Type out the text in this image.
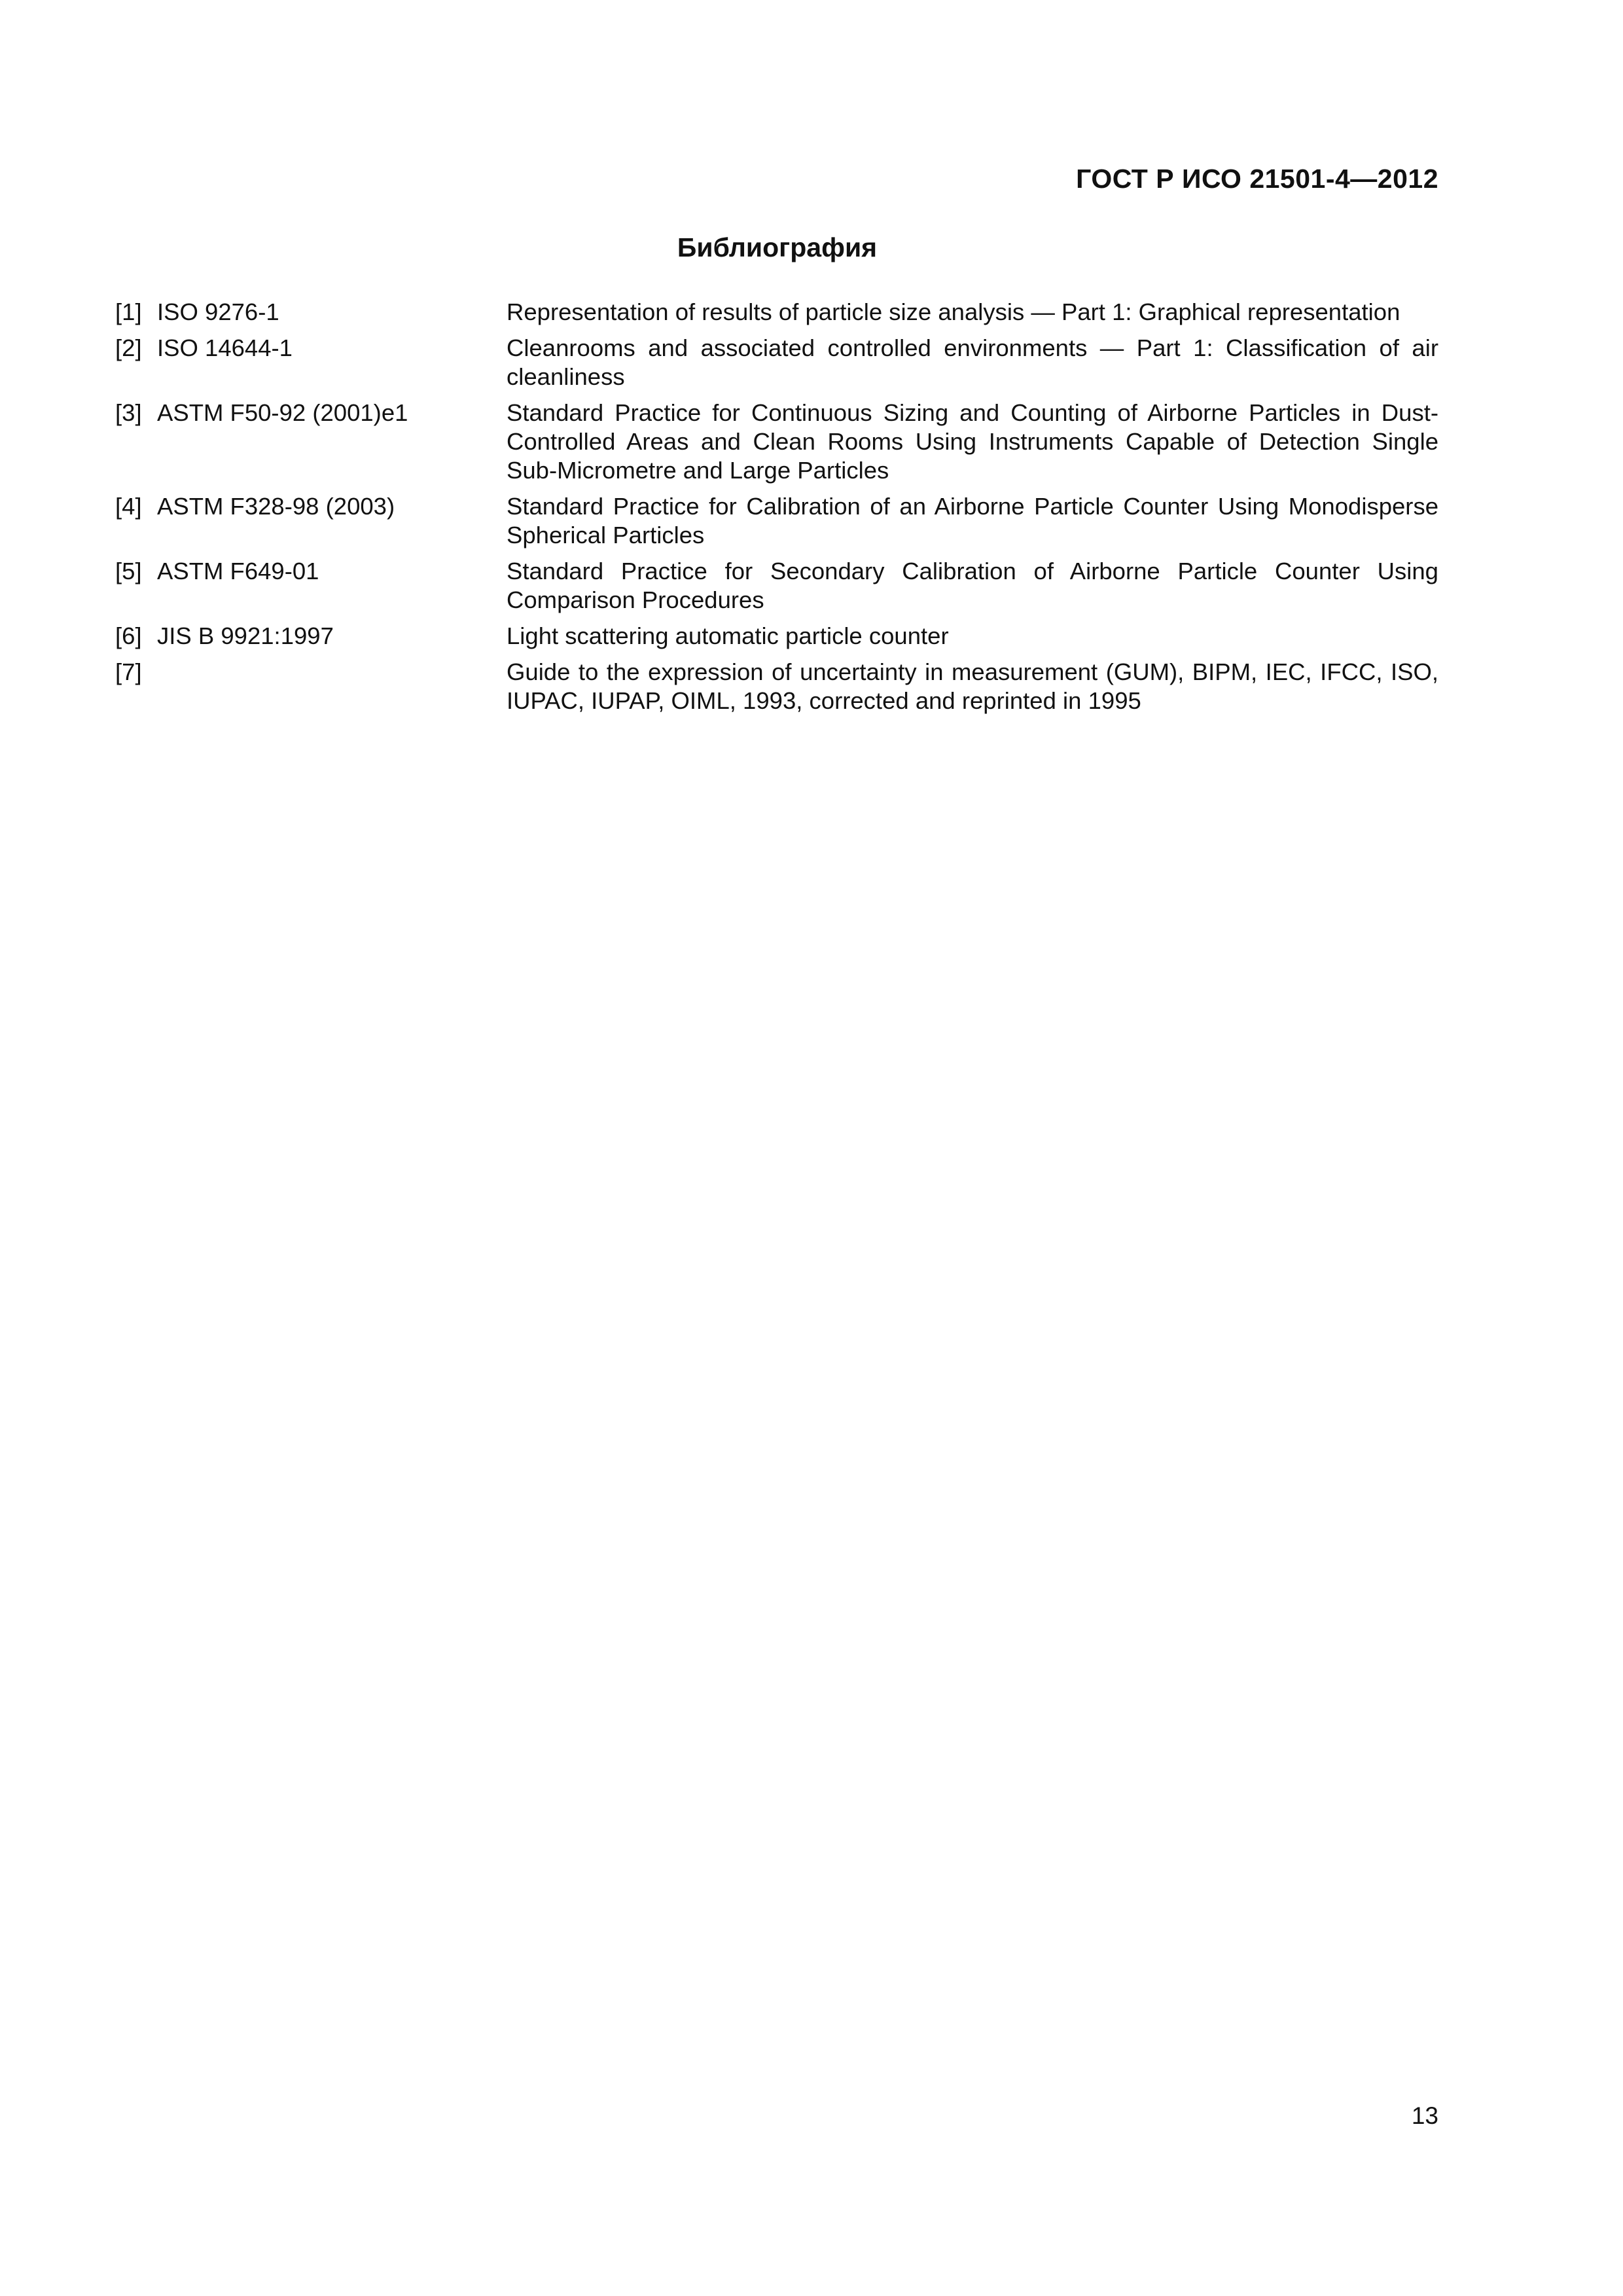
ГОСТ Р ИСО 21501-4—2012
Библиография
[1] ISO 9276-1	Representation of results of particle size analysis — Part 1: Graphical representation
[2] ISO 14644-1	Cleanrooms and associated controlled environments — Part 1: Classification of air cleanliness
[3] ASTM F50-92 (2001)e1	Standard Practice for Continuous Sizing and Counting of Airborne Particles in Dust-Controlled Areas and Clean Rooms Using Instruments Capable of Detection Single Sub-Micrometre and Large Particles
[4] ASTM F328-98 (2003)	Standard Practice for Calibration of an Airborne Particle Counter Using Monodisperse Spherical Particles
[5] ASTM F649-01	Standard Practice for Secondary Calibration of Airborne Particle Counter Using Comparison Procedures
[6] JIS B 9921:1997	Light scattering automatic particle counter
[7]	Guide to the expression of uncertainty in measurement (GUM), BIPM, IEC, IFCC, ISO, IUPAC, IUPAP, OIML, 1993, corrected and reprinted in 1995
13
